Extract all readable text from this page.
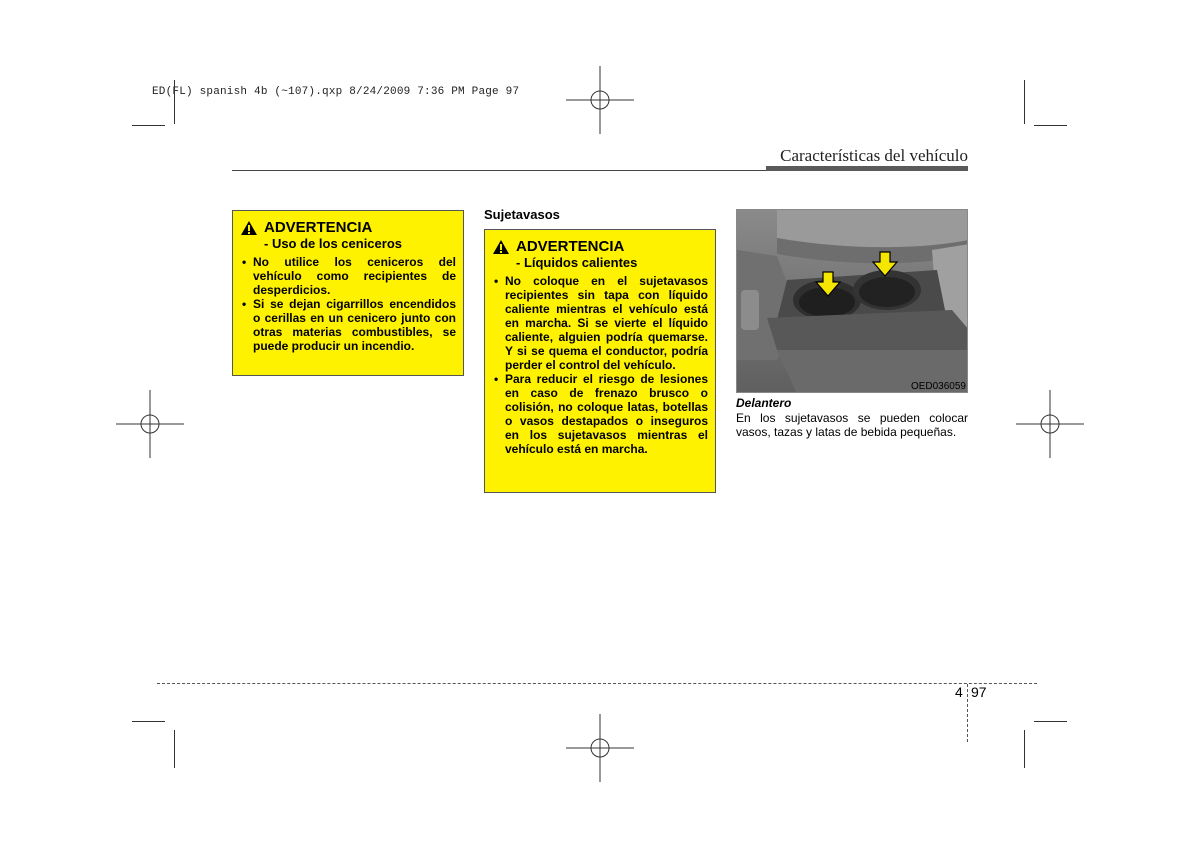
ED(FL) spanish 4b (~107).qxp 8/24/2009 7:36 PM Page 97
Características del vehículo
ADVERTENCIA
- Uso de los ceniceros
• No utilice los ceniceros del vehículo como recipientes de desperdicios.
• Si se dejan cigarrillos encendidos o cerillas en un cenicero junto con otras materias combustibles, se puede producir un incendio.
Sujetavasos
ADVERTENCIA
- Líquidos calientes
• No coloque en el sujetavasos recipientes sin tapa con líquido caliente mientras el vehículo está en marcha. Si se vierte el líquido caliente, alguien podría quemarse. Y si se quema el conductor, podría perder el control del vehículo.
• Para reducir el riesgo de lesiones en caso de frenazo brusco o colisión, no coloque latas, botellas o vasos destapados o inseguros en los sujetavasos mientras el vehículo está en marcha.
OED036059
Delantero
En los sujetavasos se pueden colocar vasos, tazas y latas de bebida pequeñas.
4 97
